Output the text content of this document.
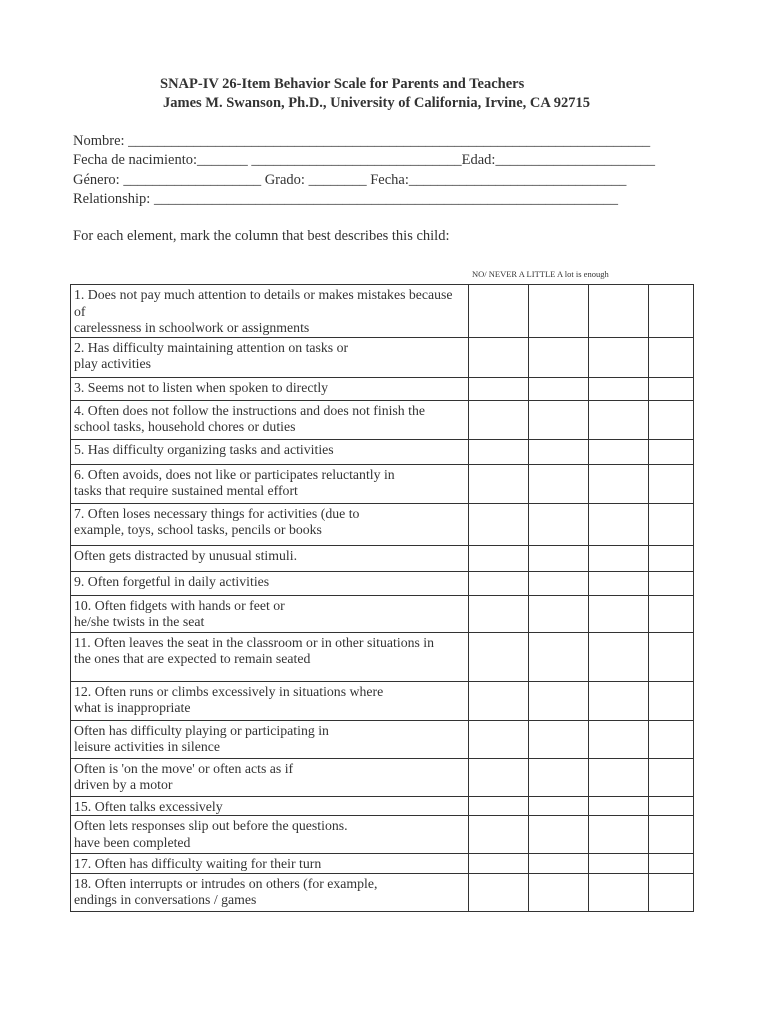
SNAP-IV 26-Item Behavior Scale for Parents and Teachers
James M. Swanson, Ph.D., University of California, Irvine, CA 92715
Nombre: ________________________________________________________________________
Fecha de nacimiento:_______ _____________________________Edad:______________________
Género: ___________________ Grado: ________ Fecha:______________________________
Relationship: ________________________________________________________________
For each element, mark the column that best describes this child:
NO/ NEVER A LITTLE A lot is enough
1. Does not pay much attention to details or makes mistakes because of
carelessness in schoolwork or assignments				

2. Has difficulty maintaining attention on tasks or
play activities				

3. Seems not to listen when spoken to directly				

4. Often does not follow the instructions and does not finish the
school tasks, household chores or duties				

5. Has difficulty organizing tasks and activities				

6. Often avoids, does not like or participates reluctantly in
tasks that require sustained mental effort				

7. Often loses necessary things for activities (due to
example, toys, school tasks, pencils or books				

Often gets distracted by unusual stimuli.				

9. Often forgetful in daily activities				

10. Often fidgets with hands or feet or
he/she twists in the seat				

11. Often leaves the seat in the classroom or in other situations in
the ones that are expected to remain seated				

12. Often runs or climbs excessively in situations where
what is inappropriate				

Often has difficulty playing or participating in
leisure activities in silence				

Often is 'on the move' or often acts as if
driven by a motor				

15. Often talks excessively				

Often lets responses slip out before the questions.
have been completed				

17. Often has difficulty waiting for their turn				

18. Often interrupts or intrudes on others (for example,
endings in conversations / games				
